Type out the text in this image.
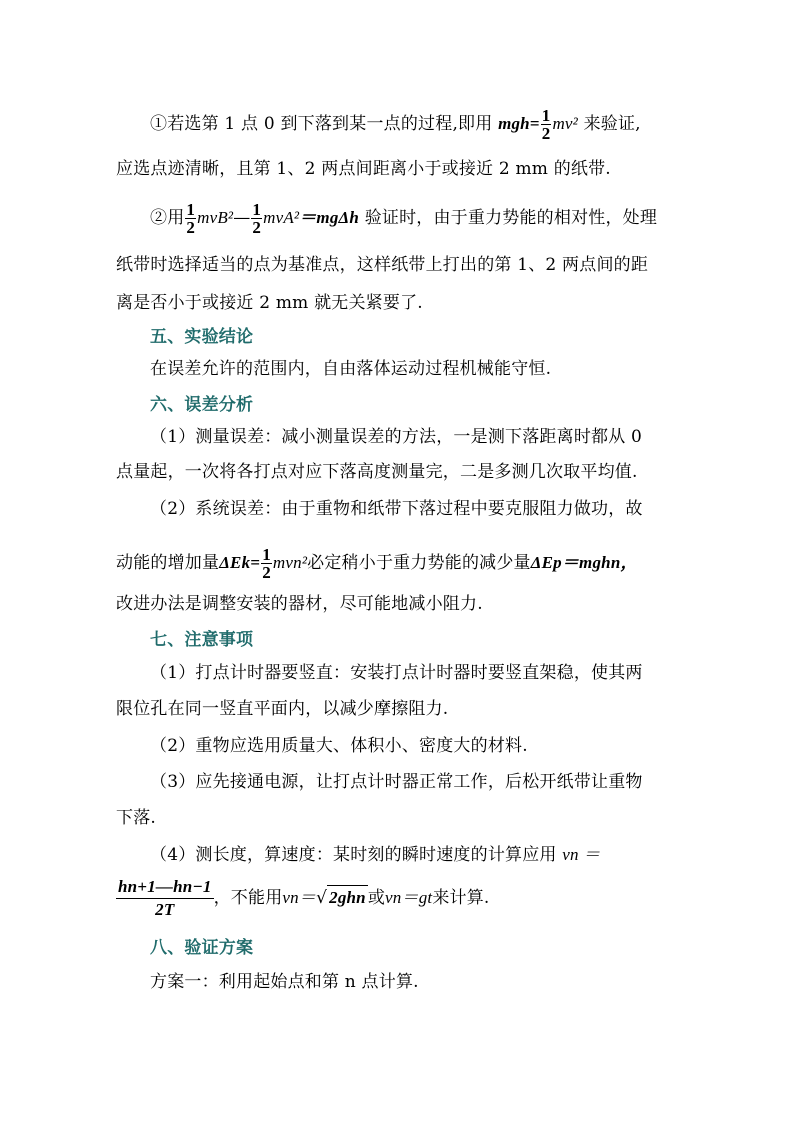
①若选第 1 点 0 到下落到某一点的过程,即用 $mgh= \frac{1}{2} mv^2$ 来验证,
应选点迹清晰，且第 1、2 两点间距离小于或接近 2 mm 的纸带.
②用 $\frac{1}{2}$ mvB²— $\frac{1}{2} mvA^2=mg\Delta h$ 验证时，由于重力势能的相对性，处理
纸带时选择适当的点为基准点，这样纸带上打出的第 1、2 两点间的距
离是否小于或接近 2 mm 就无关紧要了.
五、实验结论
在误差允许的范围内，自由落体运动过程机械能守恒.
六、误差分析
（1）测量误差：减小测量误差的方法，一是测下落距离时都从 0
点量起，一次将各打点对应下落高度测量完，二是多测几次取平均值.
（2）系统误差：由于重物和纸带下落过程中要克服阻力做功，故
动能的增加量$\Delta Ek= \frac{1}{2} mvn^2$必定稍小于重力势能的减少量ΔEp＝mghn，
改进办法是调整安装的器材，尽可能地减小阻力.
七、注意事项
（1）打点计时器要竖直：安装打点计时器时要竖直架稳，使其两
限位孔在同一竖直平面内，以减少摩擦阻力.
（2）重物应选用质量大、体积小、密度大的材料.
（3）应先接通电源，让打点计时器正常工作，后松开纸带让重物
下落.
（4）测长度，算速度：某时刻的瞬时速度的计算应用 vn ＝
$\frac{hn+1—hn-1}{2T}$，不能用vn＝√ 2ghn 或vn＝gt来计算.
八、验证方案
方案一：利用起始点和第 n 点计算.
